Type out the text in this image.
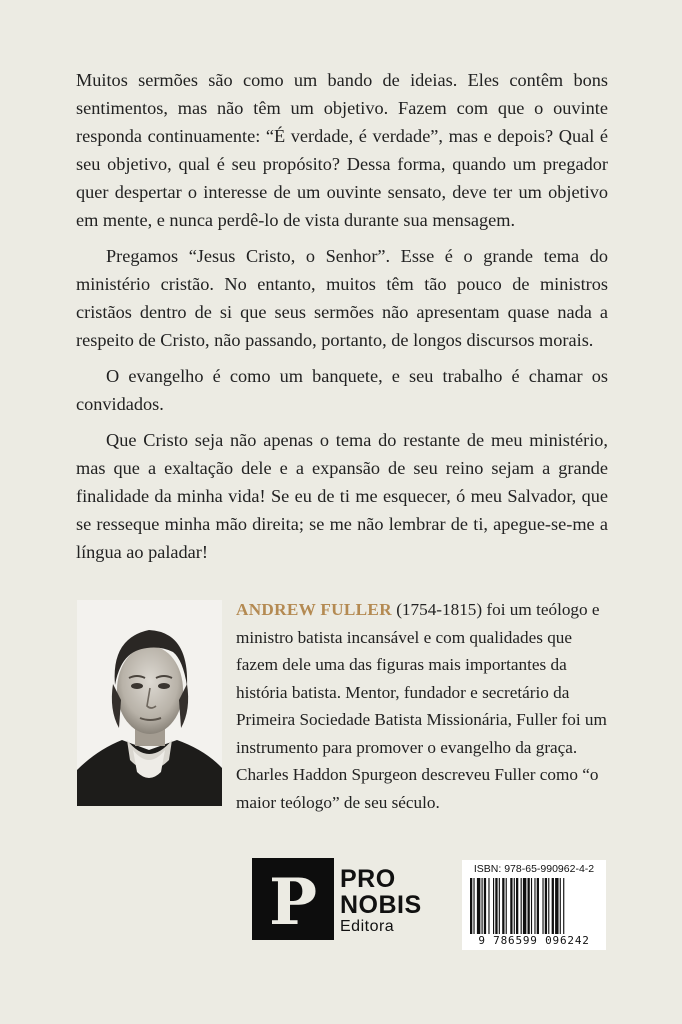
Muitos sermões são como um bando de ideias. Eles contêm bons sentimentos, mas não têm um objetivo. Fazem com que o ouvinte responda continuamente: “É verdade, é verdade”, mas e depois? Qual é seu objetivo, qual é seu propósito? Dessa forma, quando um pregador quer despertar o interesse de um ouvinte sensato, deve ter um objetivo em mente, e nunca perdê-lo de vista durante sua mensagem.

Pregamos “Jesus Cristo, o Senhor”. Esse é o grande tema do ministério cristão. No entanto, muitos têm tão pouco de ministros cristãos dentro de si que seus sermões não apresentam quase nada a respeito de Cristo, não passando, portanto, de longos discursos morais.

O evangelho é como um banquete, e seu trabalho é chamar os convidados.

Que Cristo seja não apenas o tema do restante de meu ministério, mas que a exaltação dele e a expansão de seu reino sejam a grande finalidade da minha vida! Se eu de ti me esquecer, ó meu Salvador, que se resseque minha mão direita; se me não lembrar de ti, apegue-se-me a língua ao paladar!

ANDREW FULLER (1754-1815) foi um teólogo e ministro batista incansável e com qualidades que fazem dele uma das figuras mais importantes da história batista. Mentor, fundador e secretário da Primeira Sociedade Batista Missionária, Fuller foi um instrumento para promover o evangelho da graça. Charles Haddon Spurgeon descreveu Fuller como “o maior teólogo” de seu século.
P PRO
NOBIS
Editora
ISBN: 978-65-990962-4-2
9 786599 096242
